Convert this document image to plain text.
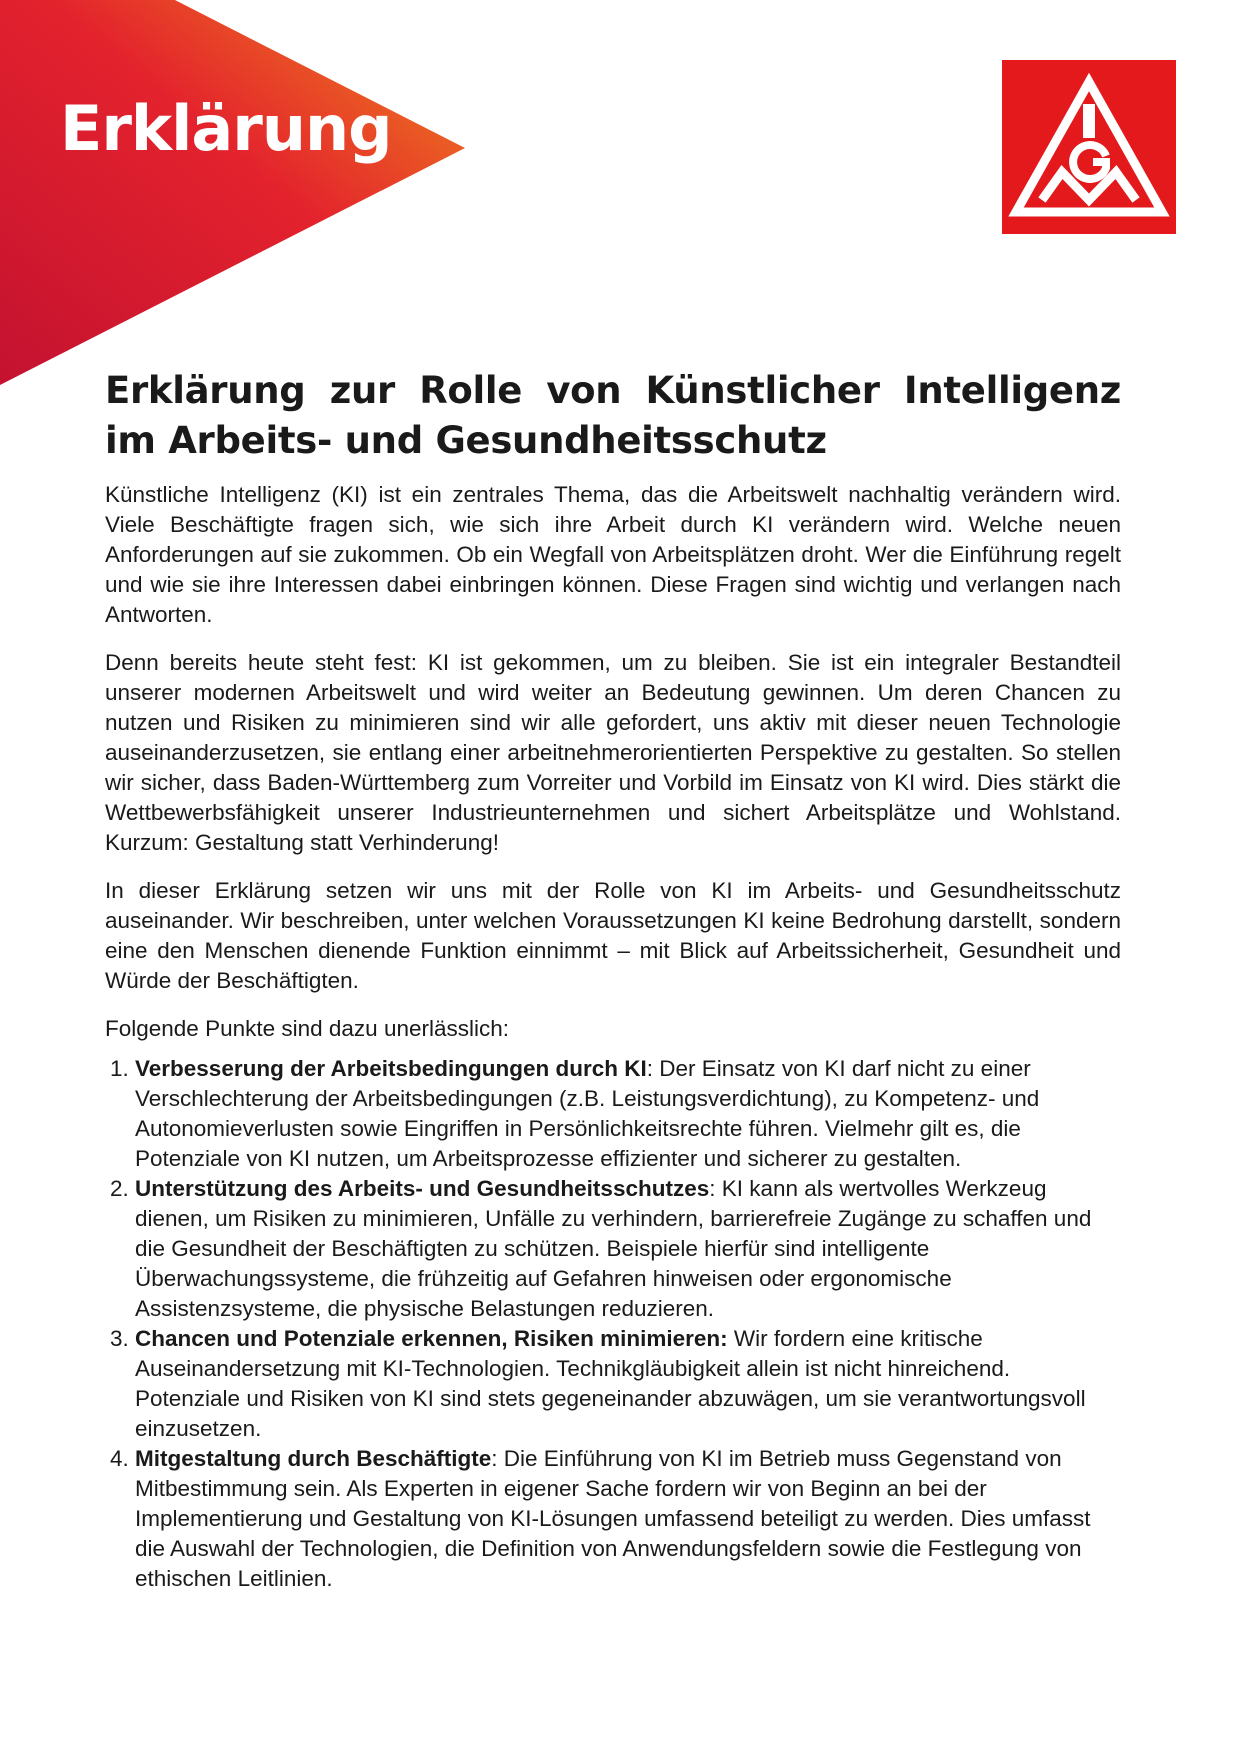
Erklärung
Erklärung zur Rolle von Künstlicher Intelligenz im Arbeits- und Gesundheitsschutz

Künstliche Intelligenz (KI) ist ein zentrales Thema, das die Arbeitswelt nachhaltig verändern wird. Viele Beschäftigte fragen sich, wie sich ihre Arbeit durch KI verändern wird. Welche neuen Anforderungen auf sie zukommen. Ob ein Wegfall von Arbeitsplätzen droht. Wer die Einführung regelt und wie sie ihre Interessen dabei einbringen können. Diese Fragen sind wichtig und verlangen nach Antworten.

Denn bereits heute steht fest: KI ist gekommen, um zu bleiben. Sie ist ein integraler Bestandteil unserer modernen Arbeitswelt und wird weiter an Bedeutung gewinnen. Um deren Chancen zu nutzen und Risiken zu minimieren sind wir alle gefordert, uns aktiv mit dieser neuen Technologie auseinanderzusetzen, sie entlang einer arbeitnehmerorientierten Perspektive zu gestalten. So stellen wir sicher, dass Baden-Württemberg zum Vorreiter und Vorbild im Einsatz von KI wird. Dies stärkt die Wettbewerbsfähigkeit unserer Industrieunternehmen und sichert Arbeitsplätze und Wohlstand. Kurzum: Gestaltung statt Verhinderung!

In dieser Erklärung setzen wir uns mit der Rolle von KI im Arbeits- und Gesundheitsschutz auseinander. Wir beschreiben, unter welchen Voraussetzungen KI keine Bedrohung darstellt, sondern eine den Menschen dienende Funktion einnimmt – mit Blick auf Arbeitssicherheit, Gesundheit und Würde der Beschäftigten.

Folgende Punkte sind dazu unerlässlich:

1. Verbesserung der Arbeitsbedingungen durch KI: Der Einsatz von KI darf nicht zu einer Verschlechterung der Arbeitsbedingungen (z.B. Leistungsverdichtung), zu Kompetenz- und Autonomieverlusten sowie Eingriffen in Persönlichkeitsrechte führen. Vielmehr gilt es, die Potenziale von KI nutzen, um Arbeitsprozesse effizienter und sicherer zu gestalten.
2. Unterstützung des Arbeits- und Gesundheitsschutzes: KI kann als wertvolles Werkzeug dienen, um Risiken zu minimieren, Unfälle zu verhindern, barrierefreie Zugänge zu schaffen und die Gesundheit der Beschäftigten zu schützen. Beispiele hierfür sind intelligente Überwachungssysteme, die frühzeitig auf Gefahren hinweisen oder ergonomische Assistenzsysteme, die physische Belastungen reduzieren.
3. Chancen und Potenziale erkennen, Risiken minimieren: Wir fordern eine kritische Auseinandersetzung mit KI-Technologien. Technikgläubigkeit allein ist nicht hinreichend. Potenziale und Risiken von KI sind stets gegeneinander abzuwägen, um sie verantwortungsvoll einzusetzen.
4. Mitgestaltung durch Beschäftigte: Die Einführung von KI im Betrieb muss Gegenstand von Mitbestimmung sein. Als Experten in eigener Sache fordern wir von Beginn an bei der Implementierung und Gestaltung von KI-Lösungen umfassend beteiligt zu werden. Dies umfasst die Auswahl der Technologien, die Definition von Anwendungsfeldern sowie die Festlegung von ethischen Leitlinien.
